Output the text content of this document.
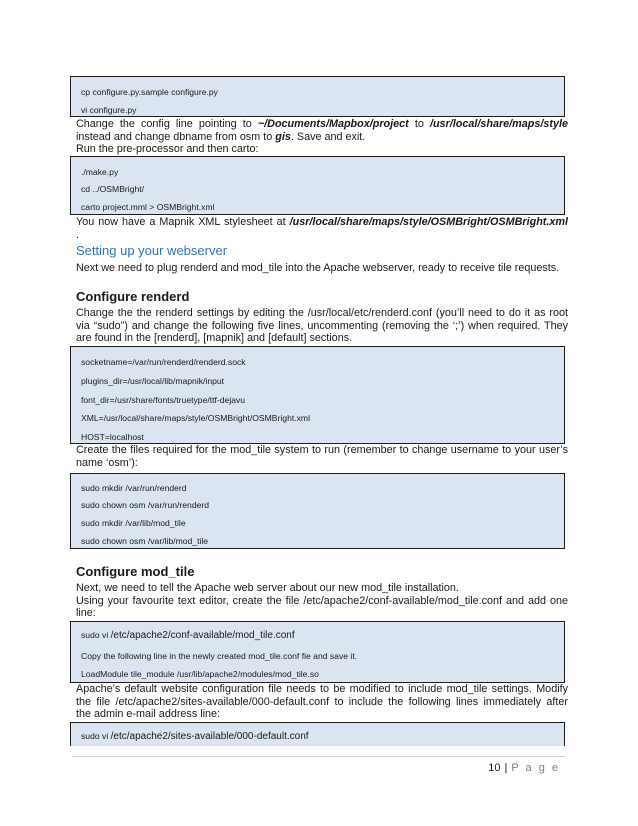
cp configure.py.sample configure.py
vi configure.py
Change the config line pointing to ~/Documents/Mapbox/project to /usr/local/share/maps/style
instead and change dbname from osm to gis. Save and exit.
Run the pre-processor and then carto:
./make.py
cd ../OSMBright/
carto project.mml > OSMBright.xml
You now have a Mapnik XML stylesheet at /usr/local/share/maps/style/OSMBright/OSMBright.xml
.
Setting up your webserver
Next we need to plug renderd and mod_tile into the Apache webserver, ready to receive tile requests.
Configure renderd
Change the the renderd settings by editing the /usr/local/etc/renderd.conf (you’ll need to do it as root
via “sudo”) and change the following five lines, uncommenting (removing the ‘;’) when required. They
are found in the [renderd], [mapnik] and [default] sections.
socketname=/var/run/renderd/renderd.sock
plugins_dir=/usr/local/lib/mapnik/input
font_dir=/usr/share/fonts/truetype/ttf-dejavu
XML=/usr/local/share/maps/style/OSMBright/OSMBright.xml
HOST=localhost
Create the files required for the mod_tile system to run (remember to change username to your user’s
name ‘osm’):
sudo mkdir /var/run/renderd
sudo chown osm /var/run/renderd
sudo mkdir /var/lib/mod_tile
sudo chown osm /var/lib/mod_tile
Configure mod_tile
Next, we need to tell the Apache web server about our new mod_tile installation.
Using your favourite text editor, create the file /etc/apache2/conf-available/mod_tile.conf and add one
line:
sudo vi /etc/apache2/conf-available/mod_tile.conf
Copy the following line in the newly created mod_tile.conf fie and save it.
LoadModule tile_module /usr/lib/apache2/modules/mod_tile.so
Apache’s default website configuration file needs to be modified to include mod_tile settings. Modify
the file /etc/apache2/sites-available/000-default.conf to include the following lines immediately after
the admin e-mail address line:
sudo vi /etc/apache2/sites-available/000-default.conf
10 | P a g e
